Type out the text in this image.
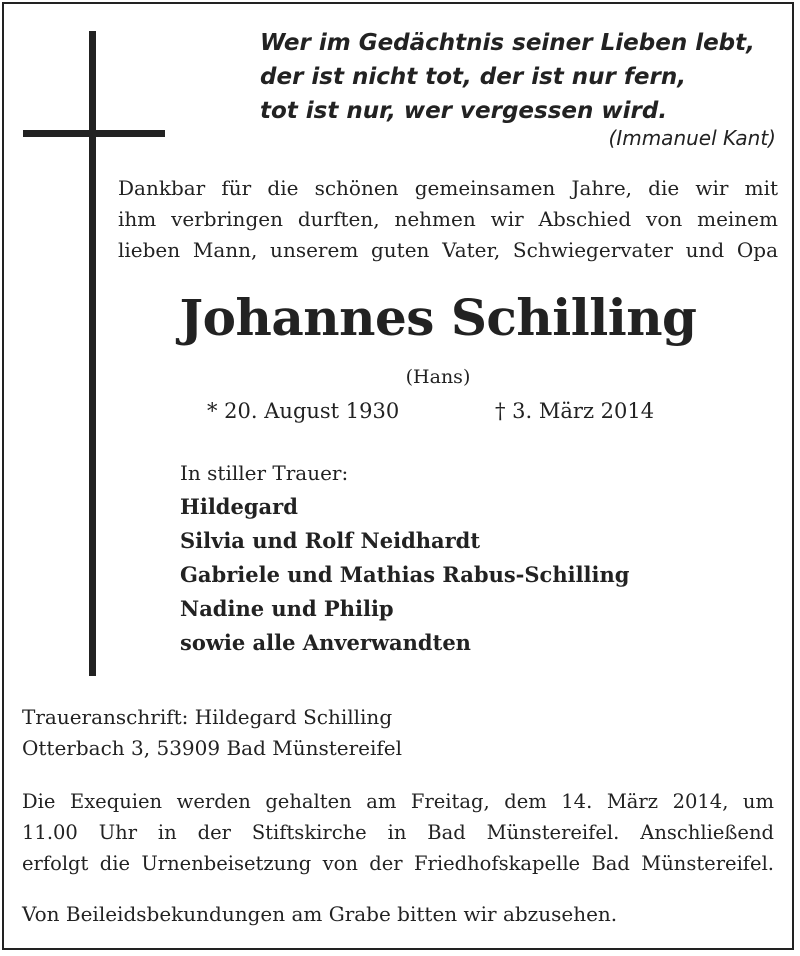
Wer im Gedächtnis seiner Lieben lebt,
der ist nicht tot, der ist nur fern,
tot ist nur, wer vergessen wird.
(Immanuel Kant)
Dankbar für die schönen gemeinsamen Jahre, die wir mit
ihm verbringen durften, nehmen wir Abschied von meinem
lieben Mann, unserem guten Vater, Schwiegervater und Opa
Johannes Schilling
(Hans)
* 20. August 1930	† 3. März 2014
In stiller Trauer:
Hildegard
Silvia und Rolf Neidhardt
Gabriele und Mathias Rabus-Schilling
Nadine und Philip
sowie alle Anverwandten
Traueranschrift: Hildegard Schilling
Otterbach 3, 53909 Bad Münstereifel
Die Exequien werden gehalten am Freitag, dem 14. März 2014, um
11.00 Uhr in der Stiftskirche in Bad Münstereifel. Anschließend
erfolgt die Urnenbeisetzung von der Friedhofskapelle Bad Münstereifel.
Von Beileidsbekundungen am Grabe bitten wir abzusehen.
